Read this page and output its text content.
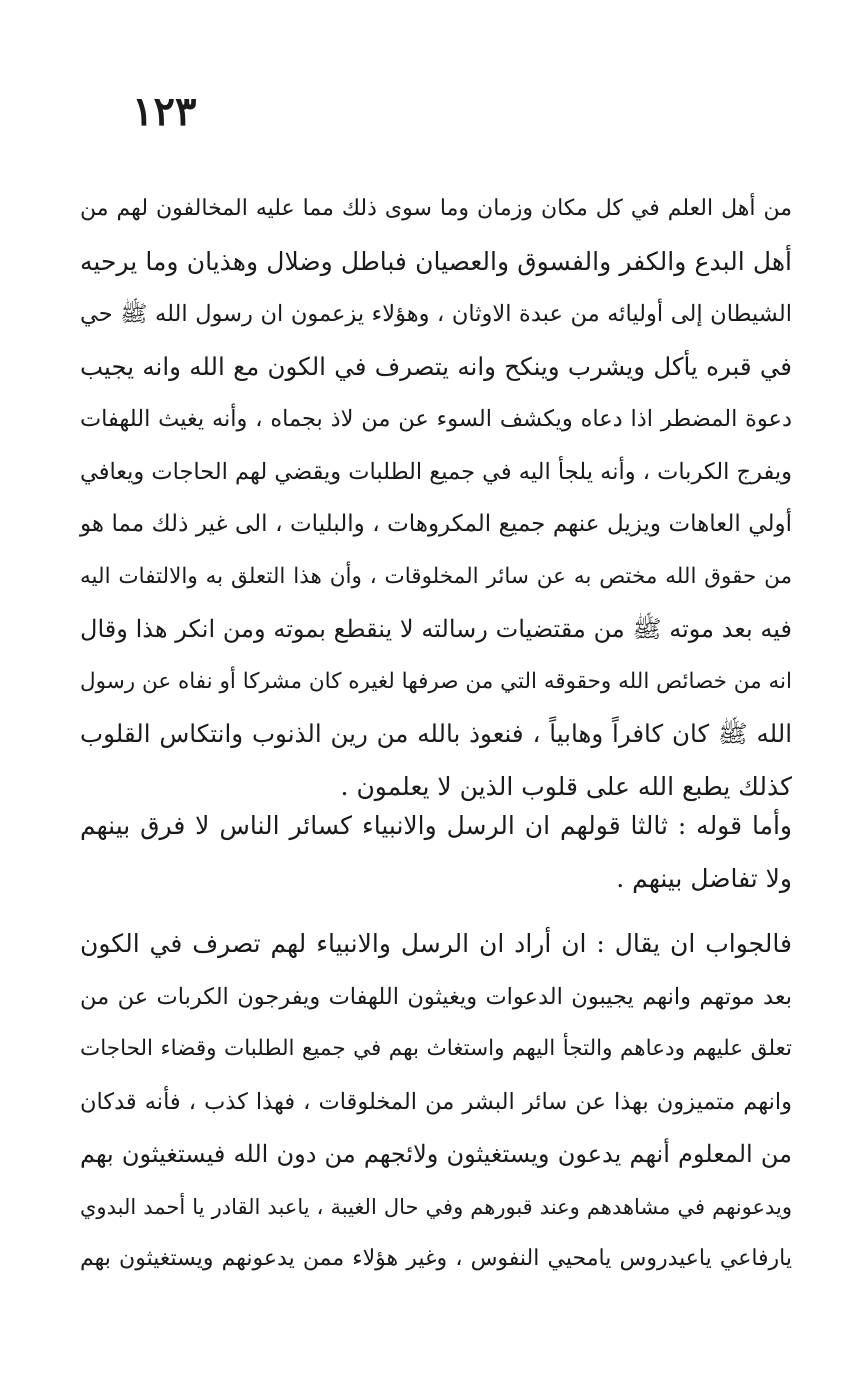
١٢٣
من أهل العلم في كل مكان وزمان وما سوى ذلك مما عليه المخالفون لهم من
أهل البدع والكفر والفسوق والعصيان فباطل وضلال وهذيان وما يرحيه
الشيطان إلى أوليائه من عبدة الاوثان ، وهؤلاء يزعمون ان رسول الله ﷺ حي
في قبره يأكل ويشرب وينكح وانه يتصرف في الكون مع الله وانه يجيب
دعوة المضطر اذا دعاه ويكشف السوء عن من لاذ بجماه ، وأنه يغيث اللهفات
ويفرج الكربات ، وأنه يلجأ اليه في جميع الطلبات ويقضي لهم الحاجات ويعافي
أولي العاهات ويزيل عنهم جميع المكروهات ، والبليات ، الى غير ذلك مما هو
من حقوق الله مختص به عن سائر المخلوقات ، وأن هذا التعلق به والالتفات اليه
فيه بعد موته ﷺ من مقتضيات رسالته لا ينقطع بموته ومن انكر هذا وقال
انه من خصائص الله وحقوقه التي من صرفها لغيره كان مشركا أو نفاه عن رسول
الله ﷺ كان كافراً وهابياً ، فنعوذ بالله من رين الذنوب وانتكاس القلوب
كذلك يطبع الله على قلوب الذين لا يعلمون .
وأما قوله : ثالثا قولهم ان الرسل والانبياء كسائر الناس لا فرق بينهم
ولا تفاضل بينهم .
فالجواب ان يقال : ان أراد ان الرسل والانبياء لهم تصرف في الكون
بعد موتهم وانهم يجيبون الدعوات ويغيثون اللهفات ويفرجون الكربات عن من
تعلق عليهم ودعاهم والتجأ اليهم واستغاث بهم في جميع الطلبات وقضاء الحاجات
وانهم متميزون بهذا عن سائر البشر من المخلوقات ، فهذا كذب ، فأنه قدكان
من المعلوم أنهم يدعون ويستغيثون ولائجهم من دون الله فيستغيثون بهم
ويدعونهم في مشاهدهم وعند قبورهم وفي حال الغيبة ، ياعبد القادر يا أحمد البدوي
يارفاعي ياعيدروس يامحيي النفوس ، وغير هؤلاء ممن يدعونهم ويستغيثون بهم
